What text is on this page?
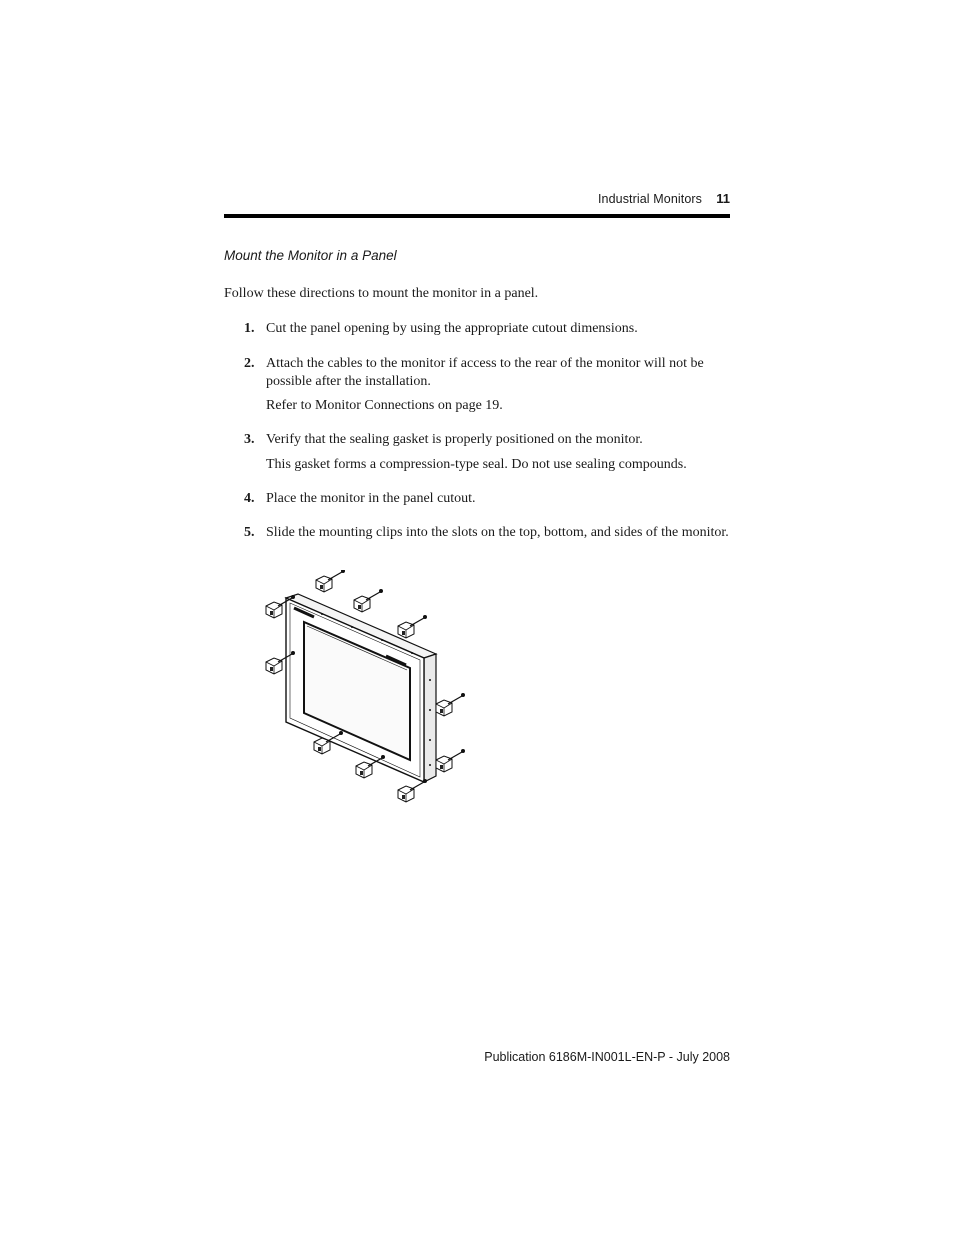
Industrial Monitors 11
Mount the Monitor in a Panel
Follow these directions to mount the monitor in a panel.
1. Cut the panel opening by using the appropriate cutout dimensions.
2. Attach the cables to the monitor if access to the rear of the monitor will not be possible after the installation.
Refer to Monitor Connections on page 19.
3. Verify that the sealing gasket is properly positioned on the monitor.
This gasket forms a compression-type seal. Do not use sealing compounds.
4. Place the monitor in the panel cutout.
5. Slide the mounting clips into the slots on the top, bottom, and sides of the monitor.
Publication 6186M-IN001L-EN-P - July 2008
